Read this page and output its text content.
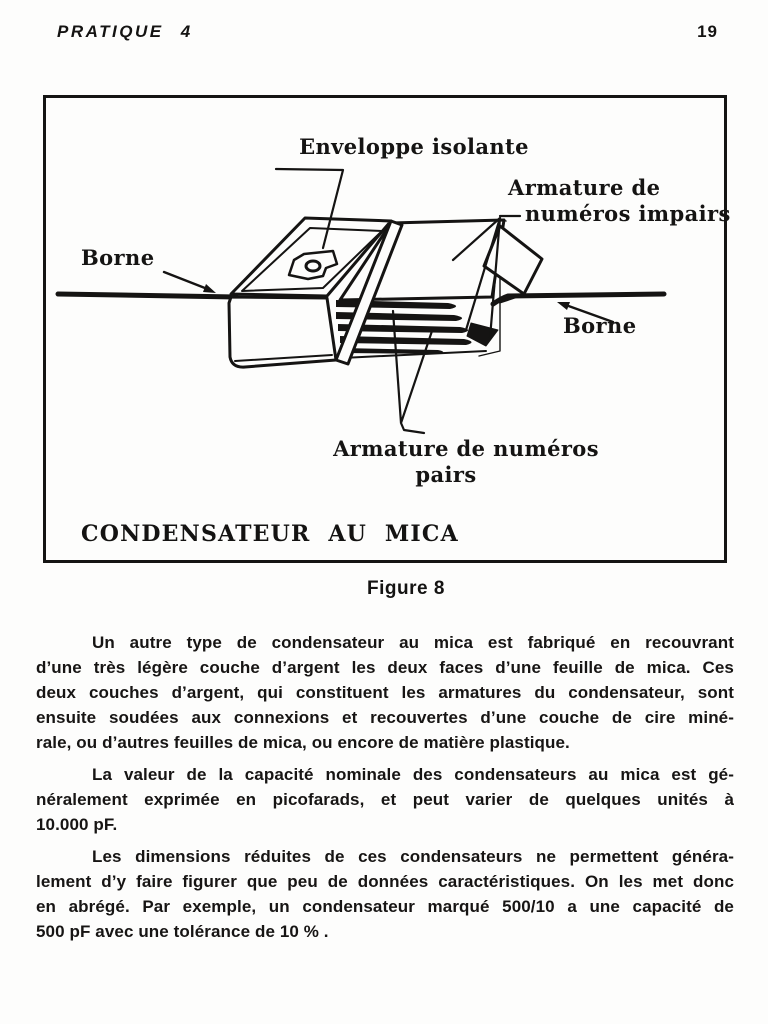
PRATIQUE 4	19
Enveloppe isolante
Armature de
numéros impairs
Borne
Borne
Armature de numéros
pairs
CONDENSATEUR AU MICA
Figure 8
Un autre type de condensateur au mica est fabriqué en recouvrant
d’une très légère couche d’argent les deux faces d’une feuille de mica. Ces
deux couches d’argent, qui constituent les armatures du condensateur, sont
ensuite soudées aux connexions et recouvertes d’une couche de cire miné-
rale, ou d’autres feuilles de mica, ou encore de matière plastique.
La valeur de la capacité nominale des condensateurs au mica est gé-
néralement exprimée en picofarads, et peut varier de quelques unités à
10.000 pF.
Les dimensions réduites de ces condensateurs ne permettent généra-
lement d’y faire figurer que peu de données caractéristiques. On les met donc
en abrégé. Par exemple, un condensateur marqué 500/10 a une capacité de
500 pF avec une tolérance de 10 % .
